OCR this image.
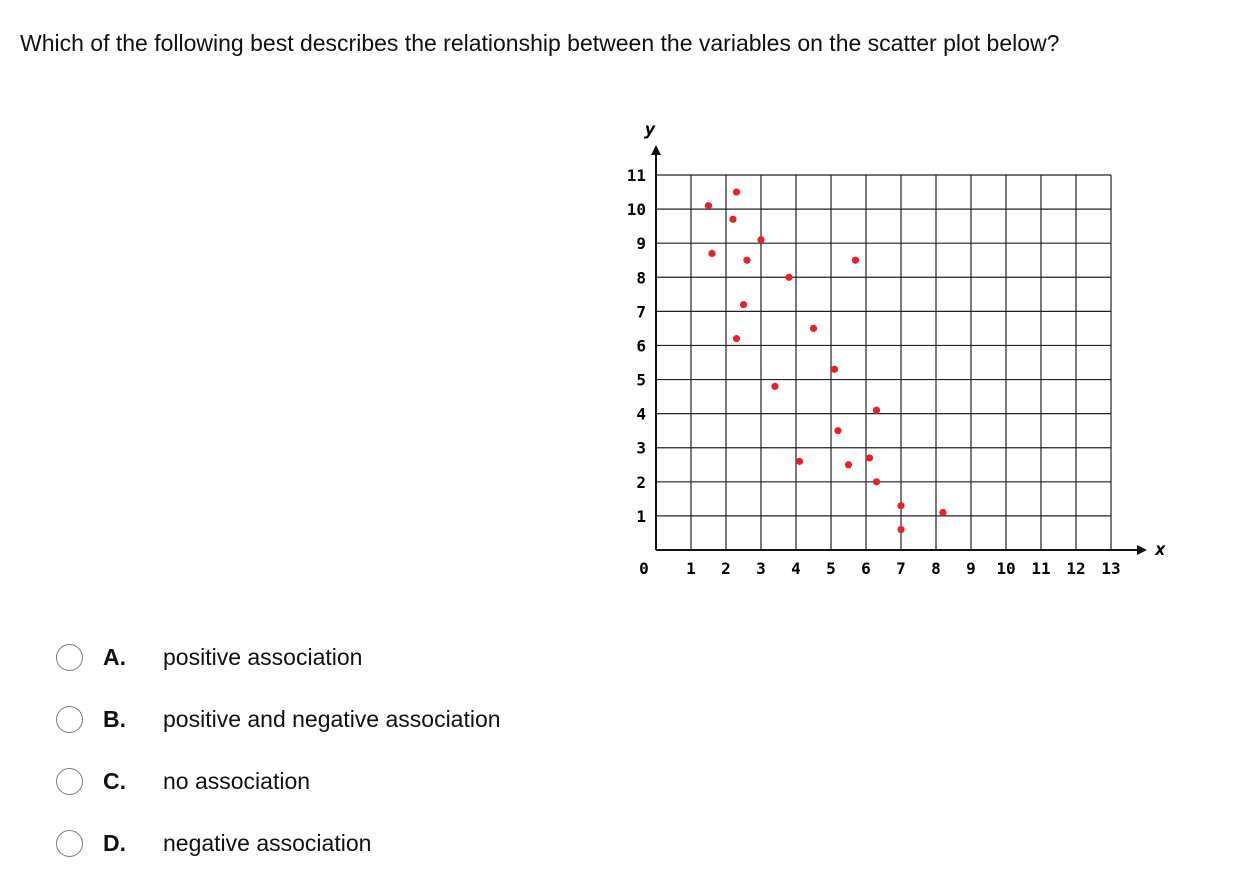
Which of the following best describes the relationship between the variables on the scatter plot below?
x
y
0 1 2 3 4 5 6 7 8 9 10 11 12 13
1
2
3
4
5
6
7
8
9
10
11
A.	positive association
B.	positive and negative association
C.	no association
D.	negative association
